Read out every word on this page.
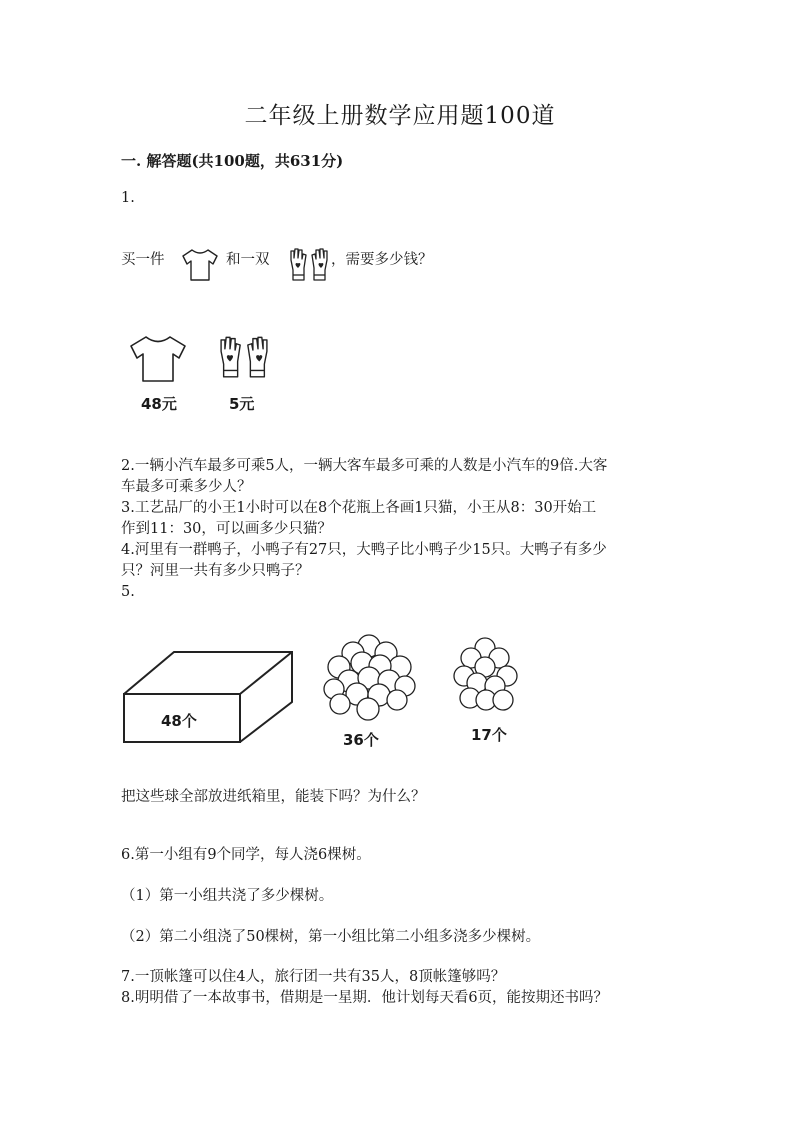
二年级上册数学应用题100道
一. 解答题(共100题，共631分)
1.
买一件	和一双	，需要多少钱？
48元	5元
2.一辆小汽车最多可乘5人，一辆大客车最多可乘的人数是小汽车的9倍.大客
车最多可乘多少人？
3.工艺品厂的小王1小时可以在8个花瓶上各画1只猫，小王从8：30开始工
作到11：30，可以画多少只猫？
4.河里有一群鸭子，小鸭子有27只，大鸭子比小鸭子少15只。大鸭子有多少
只？河里一共有多少只鸭子？
5.
48个
36个	17个
把这些球全部放进纸箱里，能装下吗？为什么？
6.第一小组有9个同学，每人浇6棵树。
（1）第一小组共浇了多少棵树。
（2）第二小组浇了50棵树，第一小组比第二小组多浇多少棵树。
7.一顶帐篷可以住4人，旅行团一共有35人，8顶帐篷够吗？
8.明明借了一本故事书，借期是一星期．他计划每天看6页，能按期还书吗？
